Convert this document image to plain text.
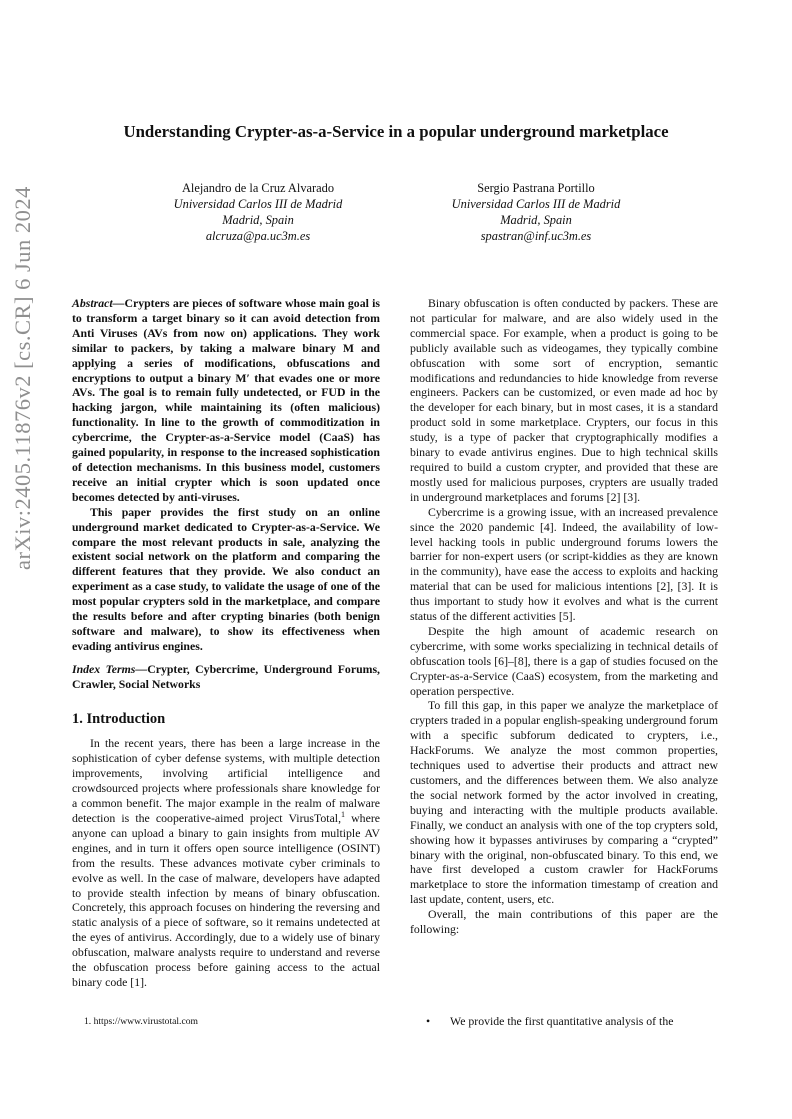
arXiv:2405.11876v2 [cs.CR] 6 Jun 2024
Understanding Crypter-as-a-Service in a popular underground marketplace
Alejandro de la Cruz Alvarado
Universidad Carlos III de Madrid
Madrid, Spain
alcruza@pa.uc3m.es
Sergio Pastrana Portillo
Universidad Carlos III de Madrid
Madrid, Spain
spastran@inf.uc3m.es

Abstract—Crypters are pieces of software whose main goal is to transform a target binary so it can avoid detection from Anti Viruses (AVs from now on) applications. They work similar to packers, by taking a malware binary M and applying a series of modifications, obfuscations and encryptions to output a binary M′ that evades one or more AVs. The goal is to remain fully undetected, or FUD in the hacking jargon, while maintaining its (often malicious) functionality. In line to the growth of commoditization in cybercrime, the Crypter-as-a-Service model (CaaS) has gained popularity, in response to the increased sophistication of detection mechanisms. In this business model, customers receive an initial crypter which is soon updated once becomes detected by anti-viruses.

This paper provides the first study on an online underground market dedicated to Crypter-as-a-Service. We compare the most relevant products in sale, analyzing the existent social network on the platform and comparing the different features that they provide. We also conduct an experiment as a case study, to validate the usage of one of the most popular crypters sold in the marketplace, and compare the results before and after crypting binaries (both benign software and malware), to show its effectiveness when evading antivirus engines.

Index Terms—Crypter, Cybercrime, Underground Forums, Crawler, Social Networks

1. Introduction

In the recent years, there has been a large increase in the sophistication of cyber defense systems, with multiple detection improvements, involving artificial intelligence and crowdsourced projects where professionals share knowledge for a common benefit. The major example in the realm of malware detection is the cooperative-aimed project VirusTotal,$^1$ where anyone can upload a binary to gain insights from multiple AV engines, and in turn it offers open source intelligence (OSINT) from the results. These advances motivate cyber criminals to evolve as well. In the case of malware, developers have adapted to provide stealth infection by means of binary obfuscation. Concretely, this approach focuses on hindering the reversing and static analysis of a piece of software, so it remains undetected at the eyes of antivirus. Accordingly, due to a widely use of binary obfuscation, malware analysts require to understand and reverse the obfuscation process before gaining access to the actual binary code [1].

Binary obfuscation is often conducted by packers. These are not particular for malware, and are also widely used in the commercial space. For example, when a product is going to be publicly available such as videogames, they typically combine obfuscation with some sort of encryption, semantic modifications and redundancies to hide knowledge from reverse engineers. Packers can be customized, or even made ad hoc by the developer for each binary, but in most cases, it is a standard product sold in some marketplace. Crypters, our focus in this study, is a type of packer that cryptographically modifies a binary to evade antivirus engines. Due to high technical skills required to build a custom crypter, and provided that these are mostly used for malicious purposes, crypters are usually traded in underground marketplaces and forums [2] [3].

Cybercrime is a growing issue, with an increased prevalence since the 2020 pandemic [4]. Indeed, the availability of low-level hacking tools in public underground forums lowers the barrier for non-expert users (or script-kiddies as they are known in the community), have ease the access to exploits and hacking material that can be used for malicious intentions [2], [3]. It is thus important to study how it evolves and what is the current status of the different activities [5].

Despite the high amount of academic research on cybercrime, with some works specializing in technical details of obfuscation tools [6]–[8], there is a gap of studies focused on the Crypter-as-a-Service (CaaS) ecosystem, from the marketing and operation perspective.

To fill this gap, in this paper we analyze the marketplace of crypters traded in a popular english-speaking underground forum with a specific subforum dedicated to crypters, i.e., HackForums. We analyze the most common properties, techniques used to advertise their products and attract new customers, and the differences between them. We also analyze the social network formed by the actor involved in creating, buying and interacting with the multiple products available. Finally, we conduct an analysis with one of the top crypters sold, showing how it bypasses antiviruses by comparing a “crypted” binary with the original, non-obfuscated binary. To this end, we have first developed a custom crawler for HackForums marketplace to store the information timestamp of creation and last update, content, users, etc.

Overall, the main contributions of this paper are the following:

•	We provide the first quantitative analysis of the
1. https://www.virustotal.com
